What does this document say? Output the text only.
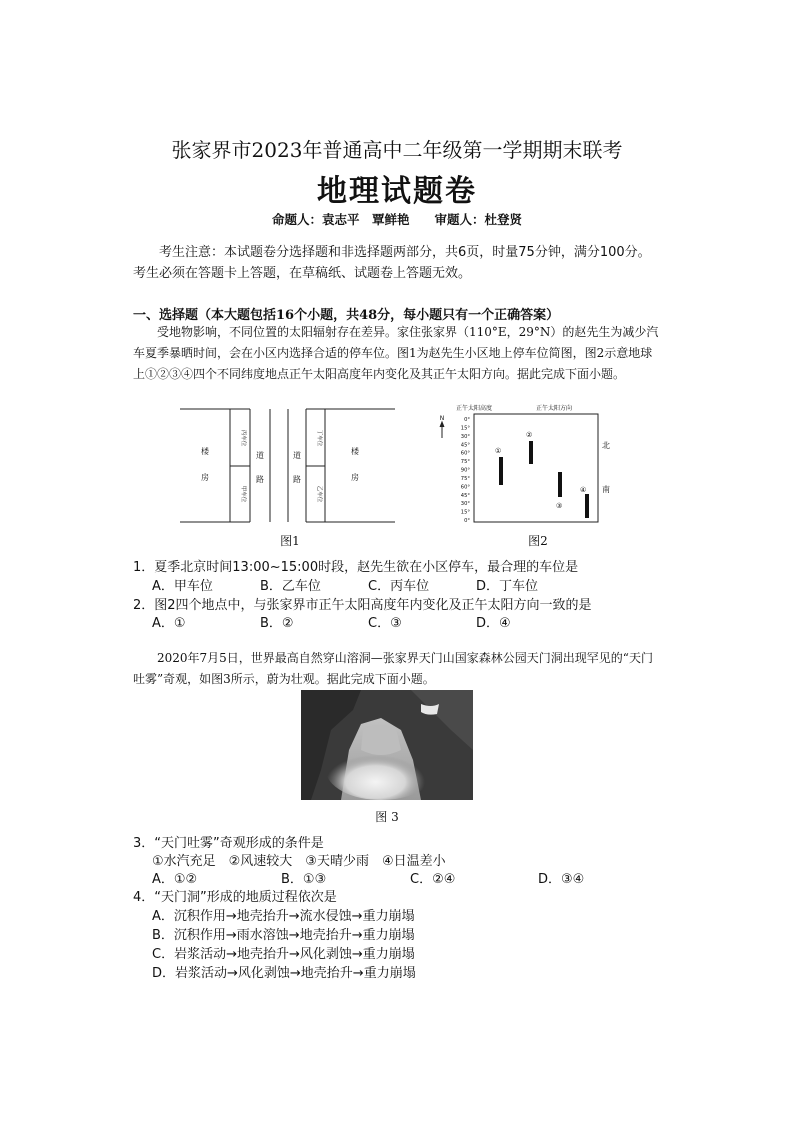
张家界市2023年普通高中二年级第一学期期末联考
地理试题卷
命题人：袁志平　覃鲜艳　　审题人：杜登贤
考生注意：本试题卷分选择题和非选择题两部分，共6页，时量75分钟，满分100分。考生必须在答题卡上答题，在草稿纸、试题卷上答题无效。
一、选择题（本大题包括16个小题，共48分，每小题只有一个正确答案）
受地物影响，不同位置的太阳辐射存在差异。家住张家界（110°E，29°N）的赵先生为减少汽车夏季暴晒时间，会在小区内选择合适的停车位。图1为赵先生小区地上停车位简图，图2示意地球上①②③④四个不同纬度地点正午太阳高度年内变化及其正午太阳方向。据此完成下面小题。
楼
房
道
路
道
路
楼
房
丙车位
甲车位
丁车位
乙车位
图1
正午太阳高度	正午太阳方向
N	0°
15°
30°
45°
60°
75°
90°
75°
60°
45°
30°
15°
0°
北
南
①
②
③
④
图2
1．夏季北京时间13:00~15:00时段，赵先生欲在小区停车，最合理的车位是
A．甲车位	B．乙车位	C．丙车位	D．丁车位
2．图2四个地点中，与张家界市正午太阳高度年内变化及正午太阳方向一致的是
A．①	B．②	C．③	D．④
2020年7月5日，世界最高自然穿山溶洞—张家界天门山国家森林公园天门洞出现罕见的“天门吐雾”奇观，如图3所示，蔚为壮观。据此完成下面小题。
图 3
3．“天门吐雾”奇观形成的条件是
①水汽充足　②风速较大　③天晴少雨　④日温差小
A．①②	B．①③	C．②④	D．③④
4．“天门洞”形成的地质过程依次是
A．沉积作用→地壳抬升→流水侵蚀→重力崩塌
B．沉积作用→雨水溶蚀→地壳抬升→重力崩塌
C．岩浆活动→地壳抬升→风化剥蚀→重力崩塌
D．岩浆活动→风化剥蚀→地壳抬升→重力崩塌
